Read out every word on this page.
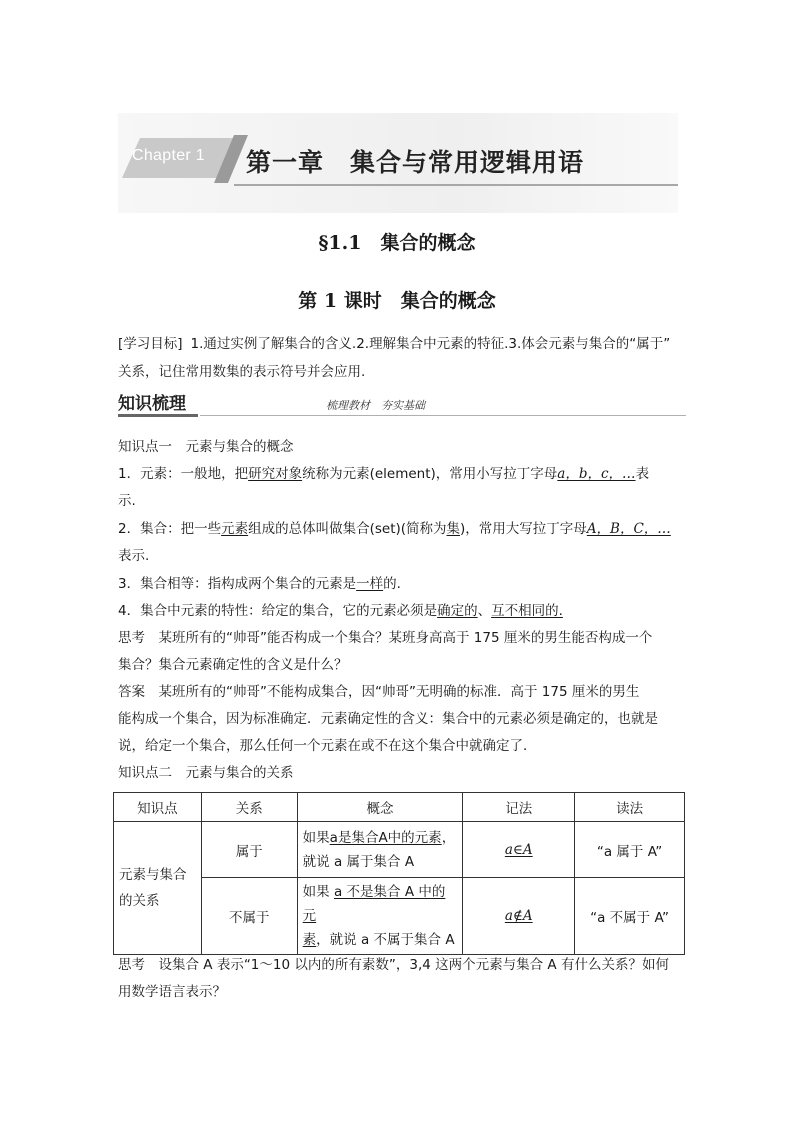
Chapter 1 第一章　集合与常用逻辑用语
§1.1　集合的概念
第 1 课时　集合的概念
[学习目标] 1.通过实例了解集合的含义.2.理解集合中元素的特征.3.体会元素与集合的“属于”
关系，记住常用数集的表示符号并会应用.
知识梳理	梳理教材　夯实基础
知识点一　元素与集合的概念
1．元素：一般地，把研究对象统称为元素(element)，常用小写拉丁字母a，b，c，…表
示.
2．集合：把一些元素组成的总体叫做集合(set)(简称为集)，常用大写拉丁字母A，B，C，…
表示.
3．集合相等：指构成两个集合的元素是一样的.
4．集合中元素的特性：给定的集合，它的元素必须是确定的、互不相同的.
思考　某班所有的“帅哥”能否构成一个集合？某班身高高于 175 厘米的男生能否构成一个
集合？集合元素确定性的含义是什么？
答案　某班所有的“帅哥”不能构成集合，因“帅哥”无明确的标准．高于 175 厘米的男生
能构成一个集合，因为标准确定．元素确定性的含义：集合中的元素必须是确定的，也就是
说，给定一个集合，那么任何一个元素在或不在这个集合中就确定了．
知识点二　元素与集合的关系
知识点	关系	概念	记法	读法
元素与集合的关系	属于	如果a是集合A中的元素，
就说 a 属于集合 A	a∈A	“a 属于 A”
	不属于	如果 a 不是集合 A 中的元
素，就说 a 不属于集合 A	a∉A	“a 不属于 A”
思考　设集合 A 表示“1～10 以内的所有素数”，3,4 这两个元素与集合 A 有什么关系？如何
用数学语言表示？
